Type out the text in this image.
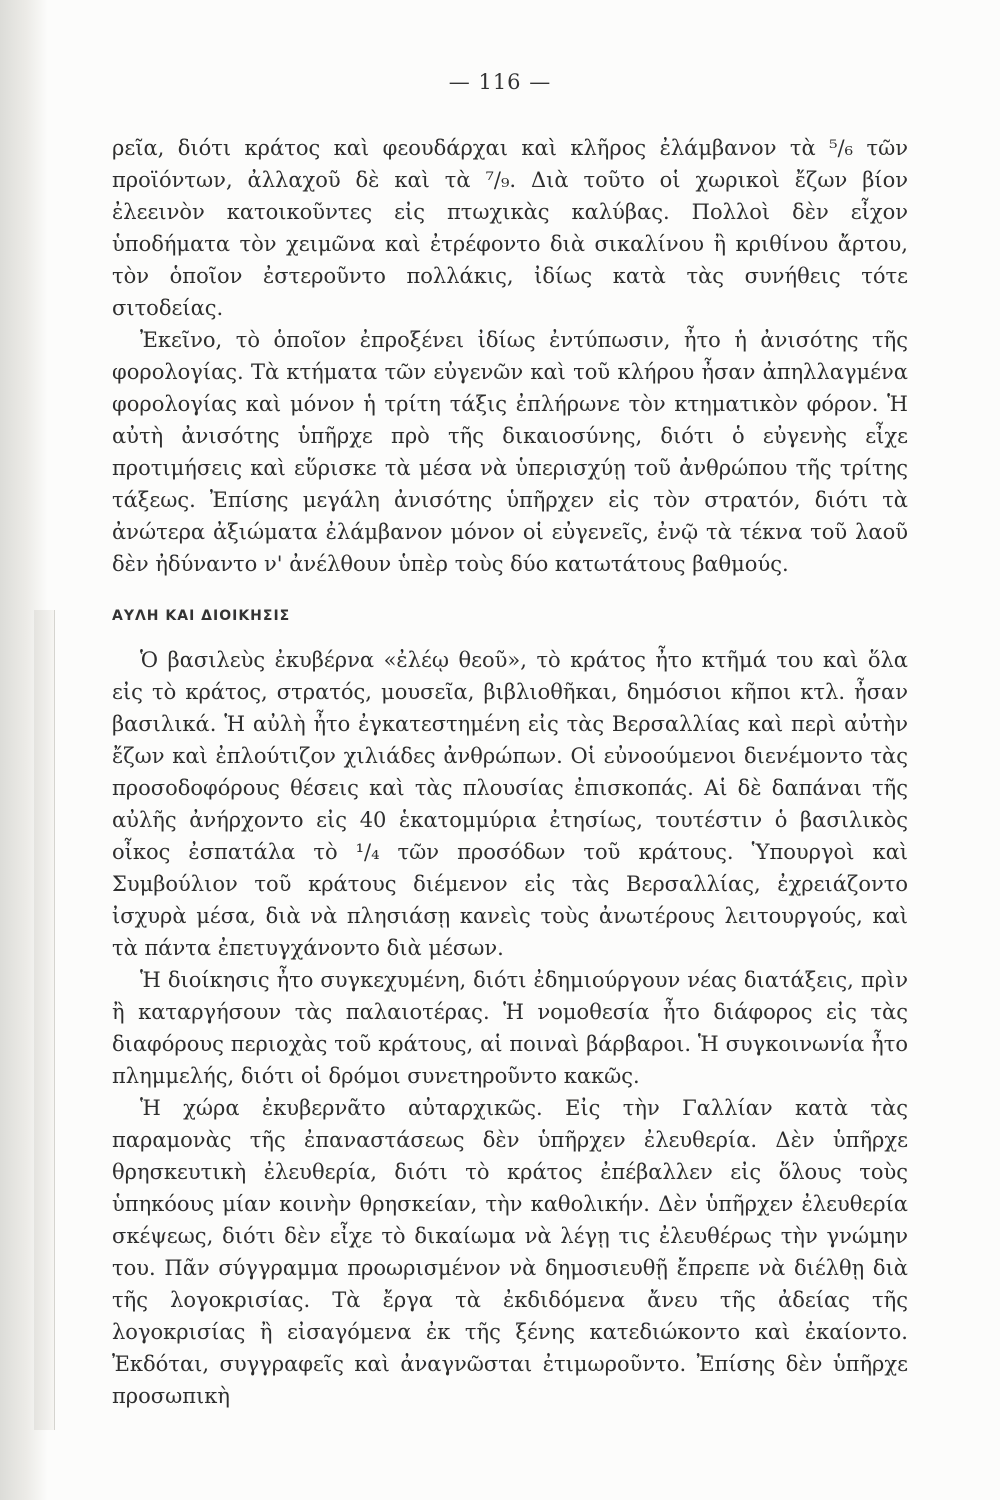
— 116 —

ρεῖα, διότι κράτος καὶ φεουδάρχαι καὶ κλῆρος ἐλάμβανον τὰ ⁵/₆ τῶν προϊόντων, ἀλλαχοῦ δὲ καὶ τὰ ⁷/₉. Διὰ τοῦτο οἱ χωρικοὶ ἔζων βίον ἐλεεινὸν κατοικοῦντες εἰς πτωχικὰς καλύβας. Πολλοὶ δὲν εἶχον ὑποδήματα τὸν χειμῶνα καὶ ἐτρέφοντο διὰ σικαλίνου ἢ κριθίνου ἄρτου, τὸν ὁποῖον ἐστεροῦντο πολλάκις, ἰδίως κατὰ τὰς συνήθεις τότε σιτοδείας.

Ἐκεῖνο, τὸ ὁποῖον ἐπροξένει ἰδίως ἐντύπωσιν, ἦτο ἡ ἀνισότης τῆς φορολογίας. Τὰ κτήματα τῶν εὐγενῶν καὶ τοῦ κλήρου ἦσαν ἀπηλλαγμένα φορολογίας καὶ μόνον ἡ τρίτη τάξις ἐπλήρωνε τὸν κτηματικὸν φόρον. Ἡ αὐτὴ ἀνισότης ὑπῆρχε πρὸ τῆς δικαιοσύνης, διότι ὁ εὐγενὴς εἶχε προτιμήσεις καὶ εὕρισκε τὰ μέσα νὰ ὑπερισχύῃ τοῦ ἀνθρώπου τῆς τρίτης τάξεως. Ἐπίσης μεγάλη ἀνισότης ὑπῆρχεν εἰς τὸν στρατόν, διότι τὰ ἀνώτερα ἀξιώματα ἐλάμβανον μόνον οἱ εὐγενεῖς, ἐνῷ τὰ τέκνα τοῦ λαοῦ δὲν ἠδύναντο ν' ἀνέλθουν ὑπὲρ τοὺς δύο κατωτάτους βαθμούς.

ΑΥΛΗ ΚΑΙ ΔΙΟΙΚΗΣΙΣ

Ὁ βασιλεὺς ἐκυβέρνα «ἐλέῳ θεοῦ», τὸ κράτος ἦτο κτῆμά του καὶ ὅλα εἰς τὸ κράτος, στρατός, μουσεῖα, βιβλιοθῆκαι, δημόσιοι κῆποι κτλ. ἦσαν βασιλικά. Ἡ αὐλὴ ἦτο ἐγκατεστημένη εἰς τὰς Βερσαλλίας καὶ περὶ αὐτὴν ἔζων καὶ ἐπλούτιζον χιλιάδες ἀνθρώπων. Οἱ εὐνοούμενοι διενέμοντο τὰς προσοδοφόρους θέσεις καὶ τὰς πλουσίας ἐπισκοπάς. Αἱ δὲ δαπάναι τῆς αὐλῆς ἀνήρχοντο εἰς 40 ἑκατομμύρια ἐτησίως, τουτέστιν ὁ βασιλικὸς οἶκος ἐσπατάλα τὸ ¹/₄ τῶν προσόδων τοῦ κράτους. Ὑπουργοὶ καὶ Συμβούλιον τοῦ κράτους διέμενον εἰς τὰς Βερσαλλίας, ἐχρειάζοντο ἰσχυρὰ μέσα, διὰ νὰ πλησιάσῃ κανεὶς τοὺς ἀνωτέρους λειτουργούς, καὶ τὰ πάντα ἐπετυγχάνοντο διὰ μέσων.

Ἡ διοίκησις ἦτο συγκεχυμένη, διότι ἐδημιούργουν νέας διατάξεις, πρὶν ἢ καταργήσουν τὰς παλαιοτέρας. Ἡ νομοθεσία ἦτο διάφορος εἰς τὰς διαφόρους περιοχὰς τοῦ κράτους, αἱ ποιναὶ βάρβαροι. Ἡ συγκοινωνία ἦτο πλημμελής, διότι οἱ δρόμοι συνετηροῦντο κακῶς.

Ἡ χώρα ἐκυβερνᾶτο αὐταρχικῶς. Εἰς τὴν Γαλλίαν κατὰ τὰς παραμονὰς τῆς ἐπαναστάσεως δὲν ὑπῆρχεν ἐλευθερία. Δὲν ὑπῆρχε θρησκευτικὴ ἐλευθερία, διότι τὸ κράτος ἐπέβαλλεν εἰς ὅλους τοὺς ὑπηκόους μίαν κοινὴν θρησκείαν, τὴν καθολικήν. Δὲν ὑπῆρχεν ἐλευθερία σκέψεως, διότι δὲν εἶχε τὸ δικαίωμα νὰ λέγῃ τις ἐλευθέρως τὴν γνώμην του. Πᾶν σύγγραμμα προωρισμένον νὰ δημοσιευθῇ ἔπρεπε νὰ διέλθῃ διὰ τῆς λογοκρισίας. Τὰ ἔργα τὰ ἐκδιδόμενα ἄνευ τῆς ἀδείας τῆς λογοκρισίας ἢ εἰσαγόμενα ἐκ τῆς ξένης κατεδιώκοντο καὶ ἐκαίοντο. Ἐκδόται, συγγραφεῖς καὶ ἀναγνῶσται ἐτιμωροῦντο. Ἐπίσης δὲν ὑπῆρχε προσωπικὴ
